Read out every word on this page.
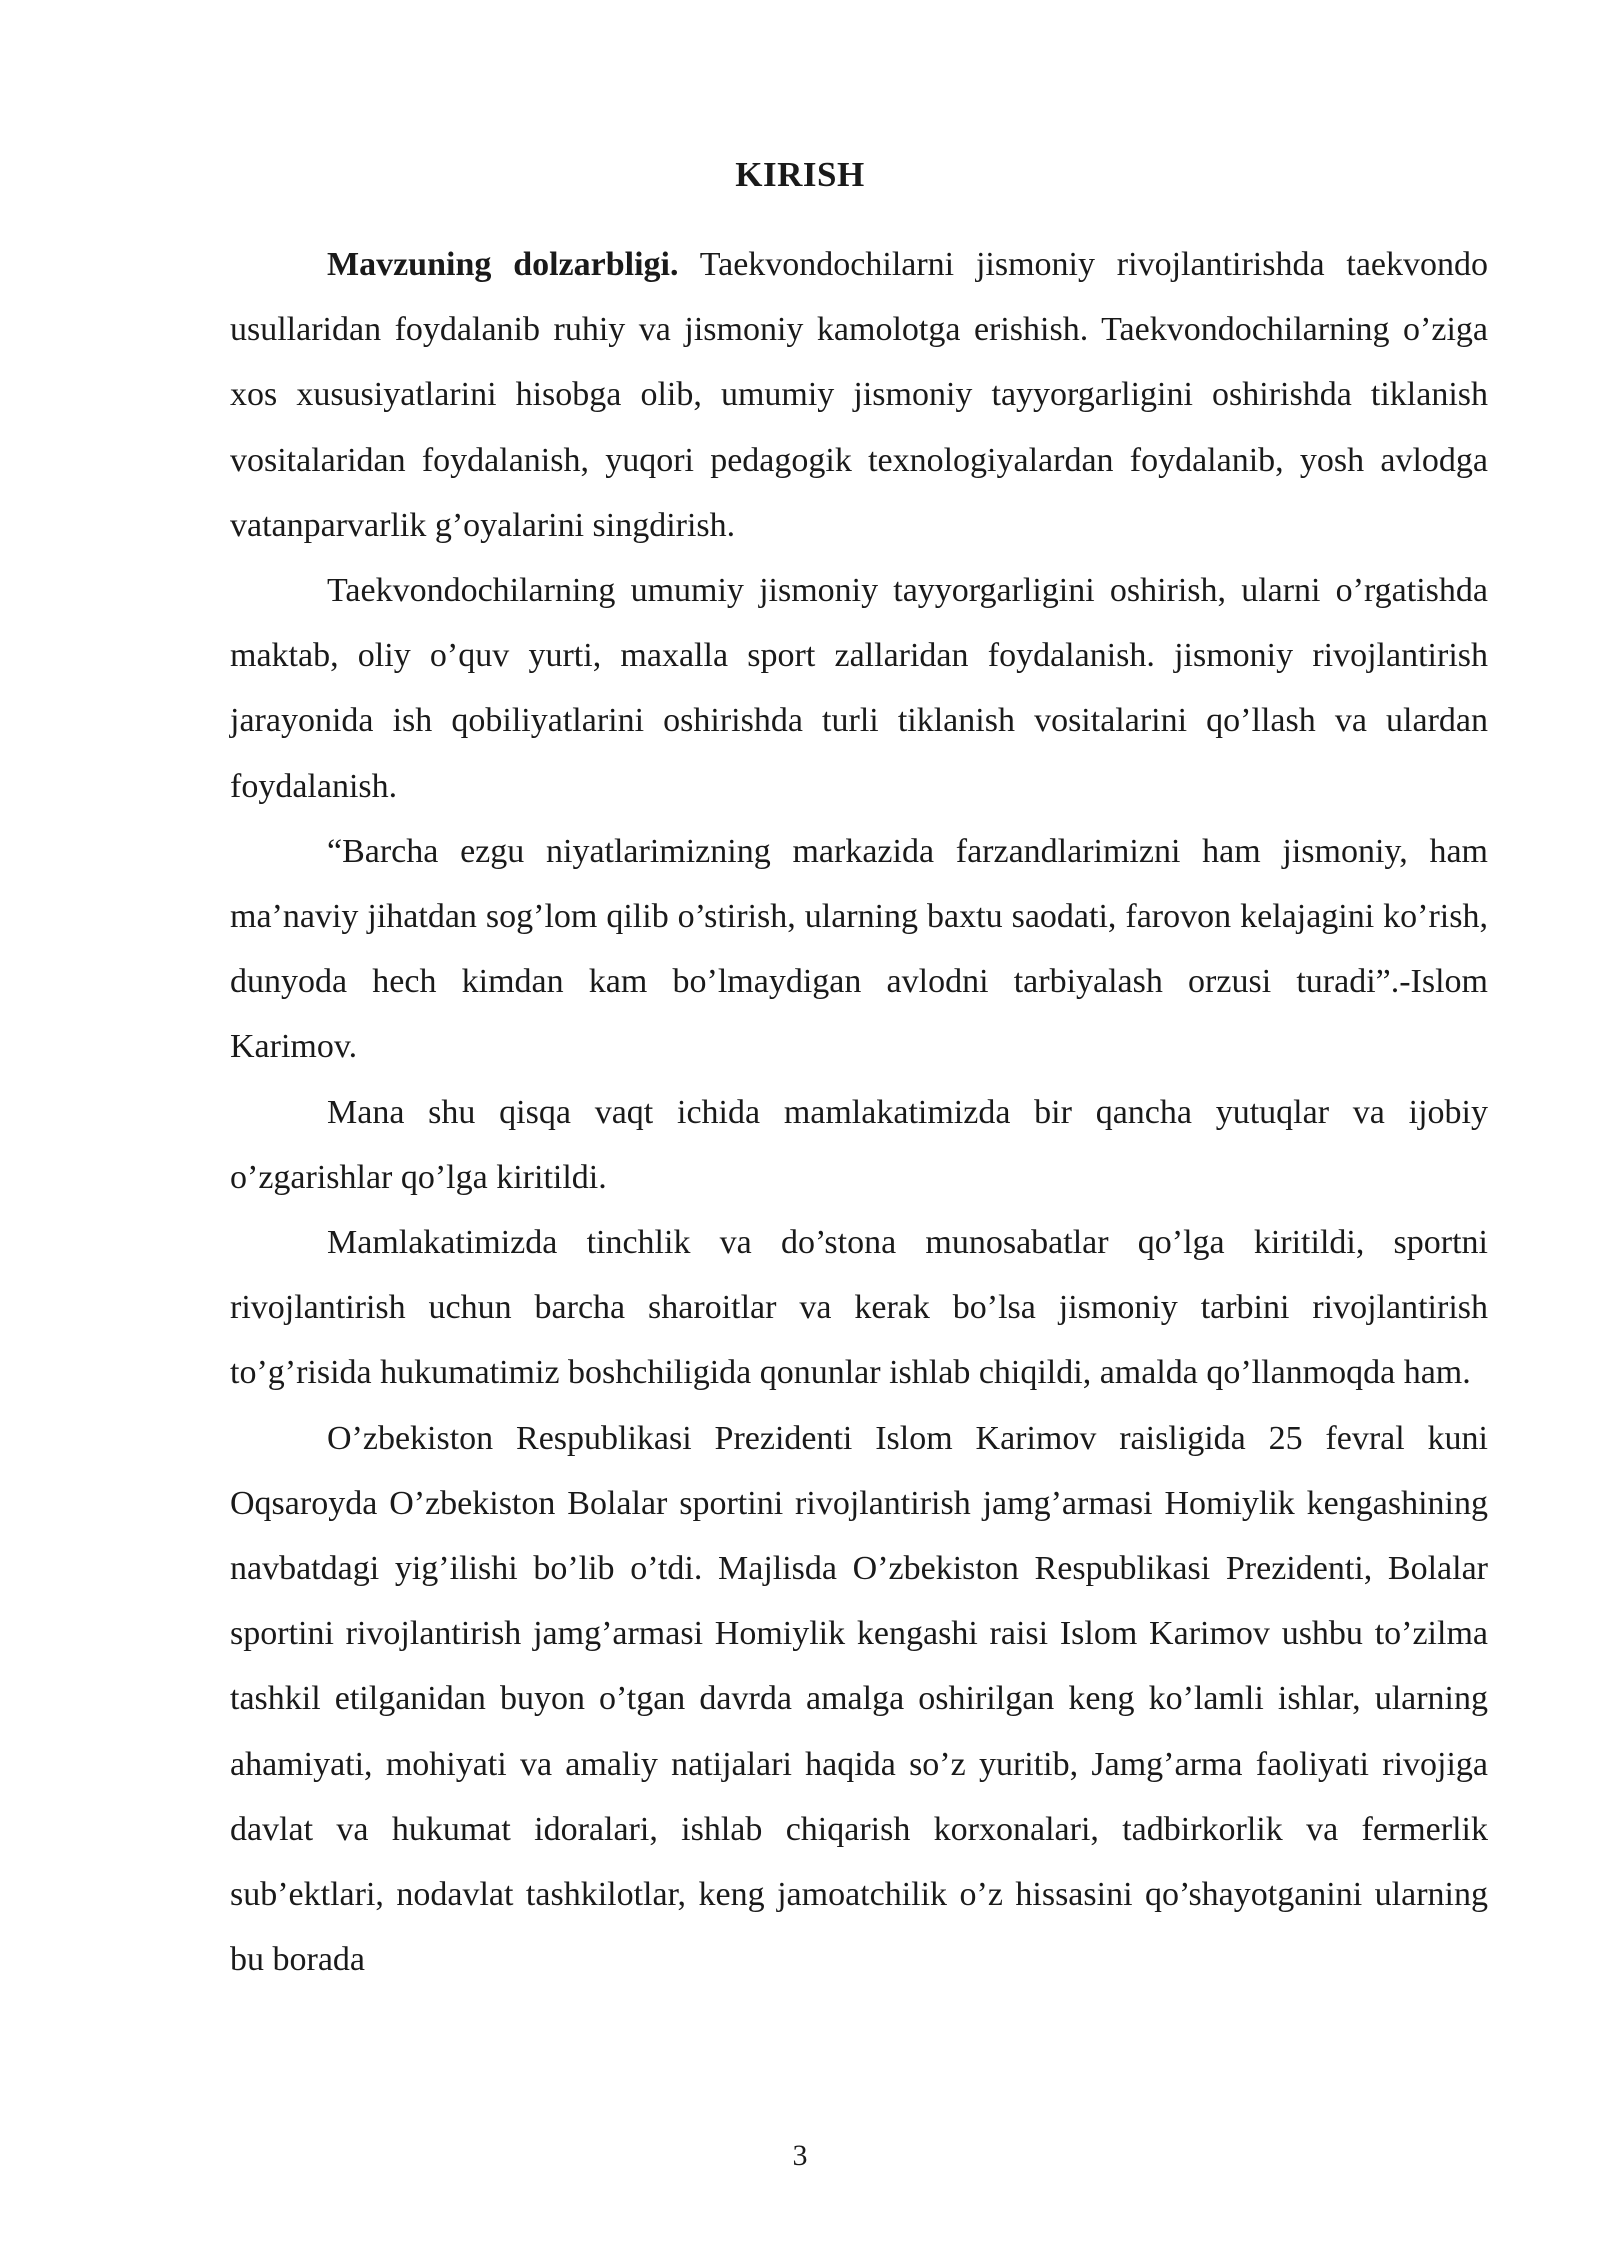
KIRISH

Mavzuning dolzarbligi. Taekvondochilarni jismoniy rivojlantirishda taekvondo usullaridan foydalanib ruhiy va jismoniy kamolotga erishish. Taekvondochilarning o’ziga xos xususiyatlarini hisobga olib, umumiy jismoniy tayyorgarligini oshirishda tiklanish vositalaridan foydalanish, yuqori pedagogik texnologiyalardan foydalanib, yosh avlodga vatanparvarlik g’oyalarini singdirish.

Taekvondochilarning umumiy jismoniy tayyorgarligini oshirish, ularni o’rgatishda maktab, oliy o’quv yurti, maxalla sport zallaridan foydalanish. jismoniy rivojlantirish jarayonida ish qobiliyatlarini oshirishda turli tiklanish vositalarini qo’llash va ulardan foydalanish.

“Barcha ezgu niyatlarimizning markazida farzandlarimizni ham jismoniy, ham ma’naviy jihatdan sog’lom qilib o’stirish, ularning baxtu saodati, farovon kelajagini ko’rish, dunyoda hech kimdan kam bo’lmaydigan avlodni tarbiyalash orzusi turadi”.-Islom Karimov.

Mana shu qisqa vaqt ichida mamlakatimizda bir qancha yutuqlar va ijobiy o’zgarishlar qo’lga kiritildi.

Mamlakatimizda tinchlik va do’stona munosabatlar qo’lga kiritildi, sportni rivojlantirish uchun barcha sharoitlar va kerak bo’lsa jismoniy tarbini rivojlantirish to’g’risida hukumatimiz boshchiligida qonunlar ishlab chiqildi, amalda qo’llanmoqda ham.

O’zbekiston Respublikasi Prezidenti Islom Karimov raisligida 25 fevral kuni Oqsaroyda O’zbekiston Bolalar sportini rivojlantirish jamg’armasi Homiylik kengashining navbatdagi yig’ilishi bo’lib o’tdi. Majlisda O’zbekiston Respublikasi Prezidenti, Bolalar sportini rivojlantirish jamg’armasi Homiylik kengashi raisi Islom Karimov ushbu to’zilma tashkil etilganidan buyon o’tgan davrda amalga oshirilgan keng ko’lamli ishlar, ularning ahamiyati, mohiyati va amaliy natijalari haqida so’z yuritib, Jamg’arma faoliyati rivojiga davlat va hukumat idoralari, ishlab chiqarish korxonalari, tadbirkorlik va fermerlik sub’ektlari, nodavlat tashkilotlar, keng jamoatchilik o’z hissasini qo’shayotganini ularning bu borada

3
